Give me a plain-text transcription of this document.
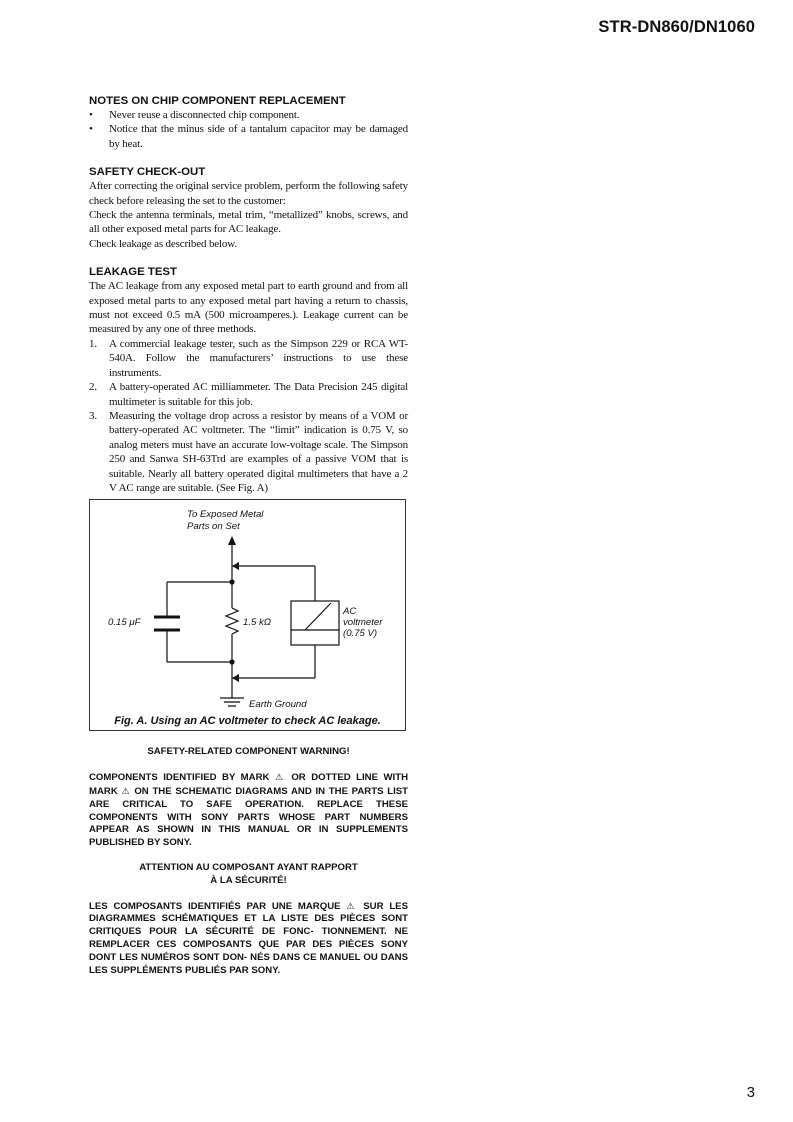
STR-DN860/DN1060
NOTES ON CHIP COMPONENT REPLACEMENT
• Never reuse a disconnected chip component.
• Notice that the minus side of a tantalum capacitor may be damaged by heat.
SAFETY CHECK-OUT

After correcting the original service problem, perform the following safety check before releasing the set to the customer:

Check the antenna terminals, metal trim, “metallized” knobs, screws, and all other exposed metal parts for AC leakage.

Check leakage as described below.

LEAKAGE TEST

The AC leakage from any exposed metal part to earth ground and from all exposed metal parts to any exposed metal part having a return to chassis, must not exceed 0.5 mA (500 microamperes.). Leakage current can be measured by any one of three methods.

1. A commercial leakage tester, such as the Simpson 229 or RCA WT-540A. Follow the manufacturers’ instructions to use these instruments.
2. A battery-operated AC milliammeter. The Data Precision 245 digital multimeter is suitable for this job.
3. Measuring the voltage drop across a resistor by means of a VOM or battery-operated AC voltmeter. The “limit” indication is 0.75 V, so analog meters must have an accurate low-voltage scale. The Simpson 250 and Sanwa SH-63Trd are examples of a passive VOM that is suitable. Nearly all battery operated digital multimeters that have a 2 V AC range are suitable. (See Fig. A)
To Exposed Metal
Parts on Set
0.15 μF	1.5 kΩ
AC
voltmeter
(0.75 V)
Earth Ground
Fig. A. Using an AC voltmeter to check AC leakage.

SAFETY-RELATED COMPONENT WARNING!

COMPONENTS IDENTIFIED BY MARK ⚠ OR DOTTED LINE WITH MARK ⚠ ON THE SCHEMATIC DIAGRAMS AND IN THE PARTS LIST ARE CRITICAL TO SAFE OPERATION. REPLACE THESE COMPONENTS WITH SONY PARTS WHOSE PART NUMBERS APPEAR AS SHOWN IN THIS MANUAL OR IN SUPPLEMENTS PUBLISHED BY SONY.

ATTENTION AU COMPOSANT AYANT RAPPORT

À LA SÉCURITÉ!

LES COMPOSANTS IDENTIFIÉS PAR UNE MARQUE ⚠ SUR LES DIAGRAMMES SCHÉMATIQUES ET LA LISTE DES PIÈCES SONT CRITIQUES POUR LA SÉCURITÉ DE FONC- TIONNEMENT. NE REMPLACER CES COMPOSANTS QUE PAR DES PIÈCES SONY DONT LES NUMÉROS SONT DON- NÉS DANS CE MANUEL OU DANS LES SUPPLÉMENTS PUBLIÉS PAR SONY.

3
